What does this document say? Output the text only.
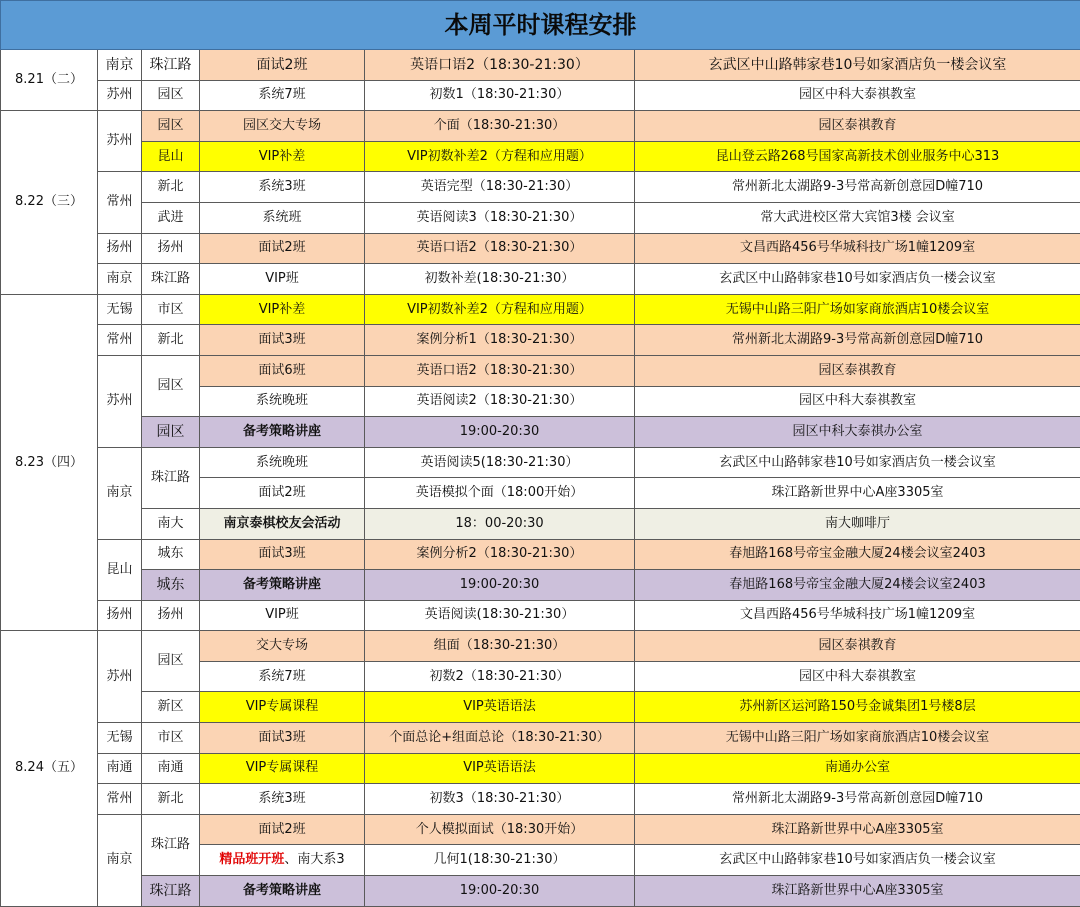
本周平时课程安排					
8.21（二）	南京	珠江路	面试2班	英语口语2（18:30-21:30）	玄武区中山路韩家巷10号如家酒店负一楼会议室
	苏州	园区	系统7班	初数1（18:30-21:30）	园区中科大泰祺教室
8.22（三）	苏州	园区	园区交大专场	个面（18:30-21:30）	园区泰祺教育
		昆山	VIP补差	VIP初数补差2（方程和应用题）	昆山登云路268号国家高新技术创业服务中心313
	常州	新北	系统3班	英语完型（18:30-21:30）	常州新北太湖路9-3号常高新创意园D幢710
		武进	系统班	英语阅读3（18:30-21:30）	常大武进校区常大宾馆3楼 会议室
	扬州	扬州	面试2班	英语口语2（18:30-21:30）	文昌西路456号华城科技广场1幢1209室
	南京	珠江路	VIP班	初数补差(18:30-21:30）	玄武区中山路韩家巷10号如家酒店负一楼会议室
8.23（四）	无锡	市区	VIP补差	VIP初数补差2（方程和应用题）	无锡中山路三阳广场如家商旅酒店10楼会议室
	常州	新北	面试3班	案例分析1（18:30-21:30）	常州新北太湖路9-3号常高新创意园D幢710
	苏州	园区	面试6班	英语口语2（18:30-21:30）	园区泰祺教育
			系统晚班	英语阅读2（18:30-21:30）	园区中科大泰祺教室
		园区	备考策略讲座	19:00-20:30	园区中科大泰祺办公室
	南京	珠江路	系统晚班	英语阅读5(18:30-21:30）	玄武区中山路韩家巷10号如家酒店负一楼会议室
			面试2班	英语模拟个面（18:00开始）	珠江路新世界中心A座3305室
		南大	南京泰棋校友会活动	18：00-20:30	南大咖啡厅
	昆山	城东	面试3班	案例分析2（18:30-21:30）	春旭路168号帝宝金融大厦24楼会议室2403
		城东	备考策略讲座	19:00-20:30	春旭路168号帝宝金融大厦24楼会议室2403
	扬州	扬州	VIP班	英语阅读(18:30-21:30）	文昌西路456号华城科技广场1幢1209室
8.24（五）	苏州	园区	交大专场	组面（18:30-21:30）	园区泰祺教育
			系统7班	初数2（18:30-21:30）	园区中科大泰祺教室
		新区	VIP专属课程	VIP英语语法	苏州新区运河路150号金诚集团1号楼8层
	无锡	市区	面试3班	个面总论+组面总论（18:30-21:30）	无锡中山路三阳广场如家商旅酒店10楼会议室
	南通	南通	VIP专属课程	VIP英语语法	南通办公室
	常州	新北	系统3班	初数3（18:30-21:30）	常州新北太湖路9-3号常高新创意园D幢710
	南京	珠江路	面试2班	个人模拟面试（18:30开始）	珠江路新世界中心A座3305室
			精品班开班、南大系3	几何1(18:30-21:30）	玄武区中山路韩家巷10号如家酒店负一楼会议室
		珠江路	备考策略讲座	19:00-20:30	珠江路新世界中心A座3305室
